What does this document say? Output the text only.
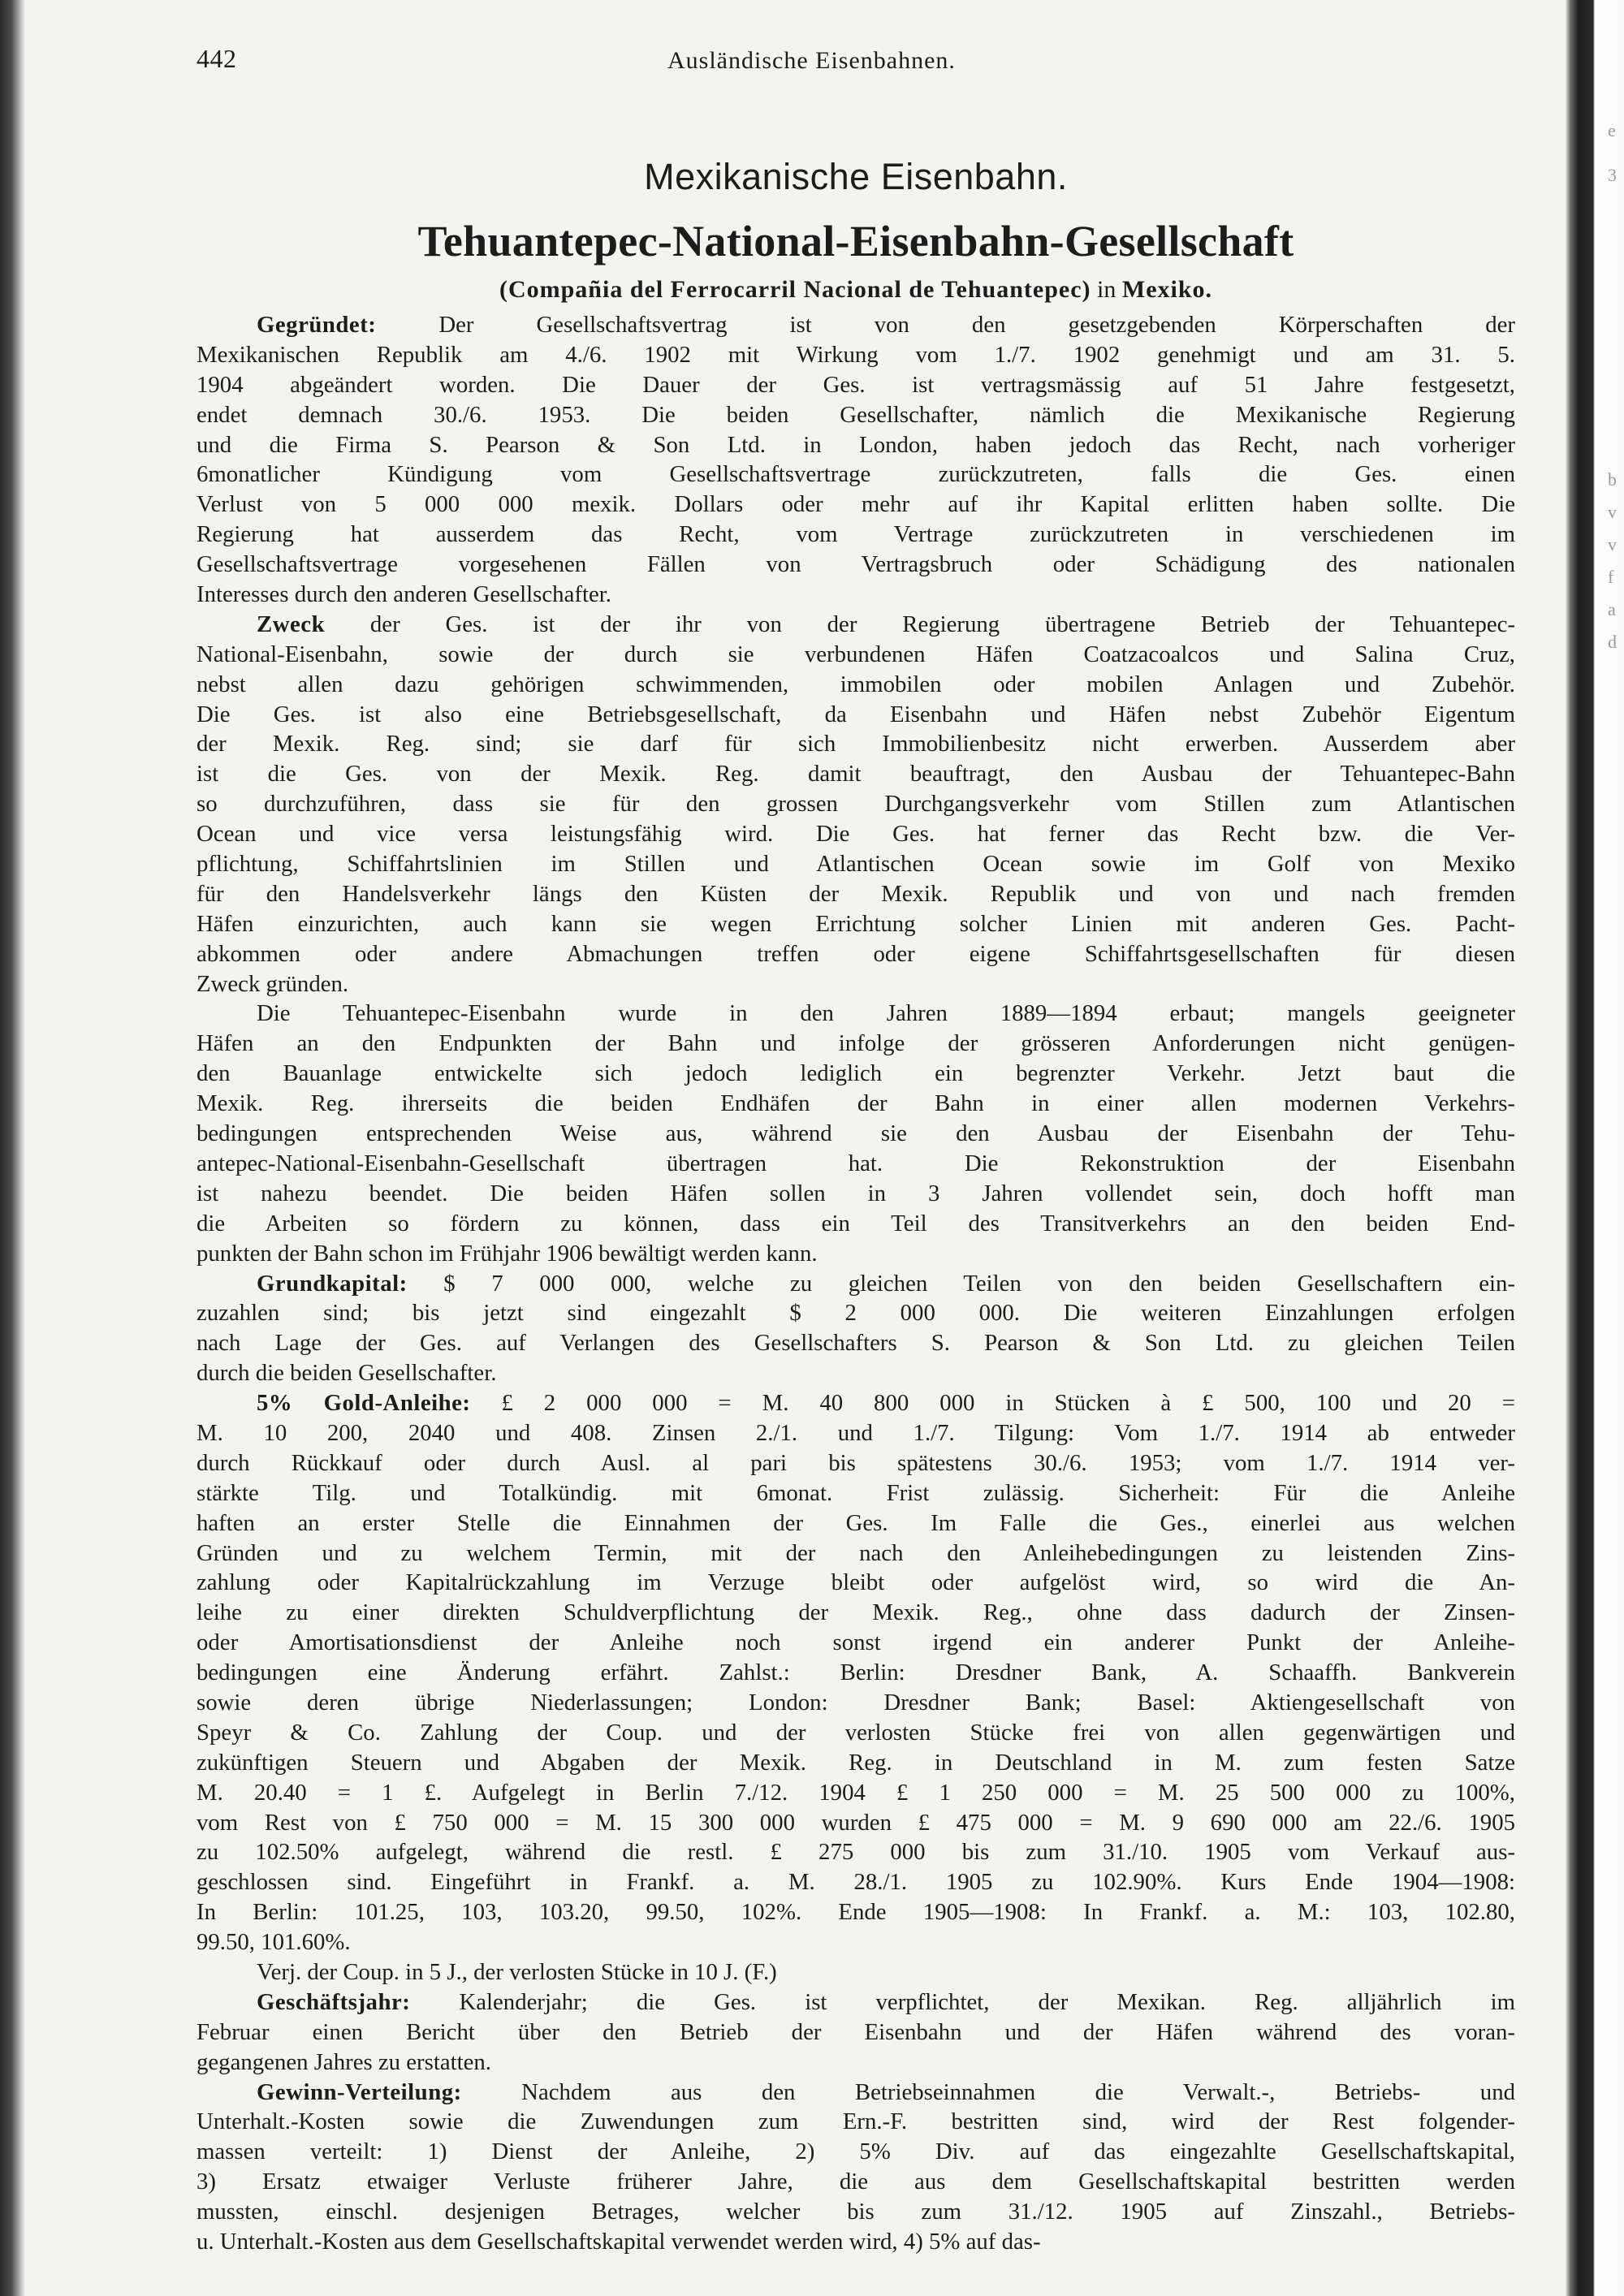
e
3
b
v
v
f
a
d
442	Ausländische Eisenbahnen.
Mexikanische Eisenbahn.
Tehuantepec-National-Eisenbahn-Gesellschaft
(Compañia del Ferrocarril Nacional de Tehuantepec) in Mexiko.
Gegründet: Der Gesellschaftsvertrag ist von den gesetzgebenden Körperschaften der
Mexikanischen Republik am 4./6. 1902 mit Wirkung vom 1./7. 1902 genehmigt und am 31. 5.
1904 abgeändert worden. Die Dauer der Ges. ist vertragsmässig auf 51 Jahre festgesetzt,
endet demnach 30./6. 1953. Die beiden Gesellschafter, nämlich die Mexikanische Regierung
und die Firma S. Pearson & Son Ltd. in London, haben jedoch das Recht, nach vorheriger
6monatlicher Kündigung vom Gesellschaftsvertrage zurückzutreten, falls die Ges. einen
Verlust von 5 000 000 mexik. Dollars oder mehr auf ihr Kapital erlitten haben sollte. Die
Regierung hat ausserdem das Recht, vom Vertrage zurückzutreten in verschiedenen im
Gesellschaftsvertrage vorgesehenen Fällen von Vertragsbruch oder Schädigung des nationalen
Interesses durch den anderen Gesellschafter.
Zweck der Ges. ist der ihr von der Regierung übertragene Betrieb der Tehuantepec-
National-Eisenbahn, sowie der durch sie verbundenen Häfen Coatzacoalcos und Salina Cruz,
nebst allen dazu gehörigen schwimmenden, immobilen oder mobilen Anlagen und Zubehör.
Die Ges. ist also eine Betriebsgesellschaft, da Eisenbahn und Häfen nebst Zubehör Eigentum
der Mexik. Reg. sind; sie darf für sich Immobilienbesitz nicht erwerben. Ausserdem aber
ist die Ges. von der Mexik. Reg. damit beauftragt, den Ausbau der Tehuantepec-Bahn
so durchzuführen, dass sie für den grossen Durchgangsverkehr vom Stillen zum Atlantischen
Ocean und vice versa leistungsfähig wird. Die Ges. hat ferner das Recht bzw. die Ver-
pflichtung, Schiffahrtslinien im Stillen und Atlantischen Ocean sowie im Golf von Mexiko
für den Handelsverkehr längs den Küsten der Mexik. Republik und von und nach fremden
Häfen einzurichten, auch kann sie wegen Errichtung solcher Linien mit anderen Ges. Pacht-
abkommen oder andere Abmachungen treffen oder eigene Schiffahrtsgesellschaften für diesen
Zweck gründen.
Die Tehuantepec-Eisenbahn wurde in den Jahren 1889—1894 erbaut; mangels geeigneter
Häfen an den Endpunkten der Bahn und infolge der grösseren Anforderungen nicht genügen-
den Bauanlage entwickelte sich jedoch lediglich ein begrenzter Verkehr. Jetzt baut die
Mexik. Reg. ihrerseits die beiden Endhäfen der Bahn in einer allen modernen Verkehrs-
bedingungen entsprechenden Weise aus, während sie den Ausbau der Eisenbahn der Tehu-
antepec-National-Eisenbahn-Gesellschaft übertragen hat. Die Rekonstruktion der Eisenbahn
ist nahezu beendet. Die beiden Häfen sollen in 3 Jahren vollendet sein, doch hofft man
die Arbeiten so fördern zu können, dass ein Teil des Transitverkehrs an den beiden End-
punkten der Bahn schon im Frühjahr 1906 bewältigt werden kann.
Grundkapital: $ 7 000 000, welche zu gleichen Teilen von den beiden Gesellschaftern ein-
zuzahlen sind; bis jetzt sind eingezahlt $ 2 000 000. Die weiteren Einzahlungen erfolgen
nach Lage der Ges. auf Verlangen des Gesellschafters S. Pearson & Son Ltd. zu gleichen Teilen
durch die beiden Gesellschafter.
5% Gold-Anleihe: £ 2 000 000 = M. 40 800 000 in Stücken à £ 500, 100 und 20 =
M. 10 200, 2040 und 408. Zinsen 2./1. und 1./7. Tilgung: Vom 1./7. 1914 ab entweder
durch Rückkauf oder durch Ausl. al pari bis spätestens 30./6. 1953; vom 1./7. 1914 ver-
stärkte Tilg. und Totalkündig. mit 6monat. Frist zulässig. Sicherheit: Für die Anleihe
haften an erster Stelle die Einnahmen der Ges. Im Falle die Ges., einerlei aus welchen
Gründen und zu welchem Termin, mit der nach den Anleihebedingungen zu leistenden Zins-
zahlung oder Kapitalrückzahlung im Verzuge bleibt oder aufgelöst wird, so wird die An-
leihe zu einer direkten Schuldverpflichtung der Mexik. Reg., ohne dass dadurch der Zinsen-
oder Amortisationsdienst der Anleihe noch sonst irgend ein anderer Punkt der Anleihe-
bedingungen eine Änderung erfährt. Zahlst.: Berlin: Dresdner Bank, A. Schaaffh. Bankverein
sowie deren übrige Niederlassungen; London: Dresdner Bank; Basel: Aktiengesellschaft von
Speyr & Co. Zahlung der Coup. und der verlosten Stücke frei von allen gegenwärtigen und
zukünftigen Steuern und Abgaben der Mexik. Reg. in Deutschland in M. zum festen Satze
M. 20.40 = 1 £. Aufgelegt in Berlin 7./12. 1904 £ 1 250 000 = M. 25 500 000 zu 100%,
vom Rest von £ 750 000 = M. 15 300 000 wurden £ 475 000 = M. 9 690 000 am 22./6. 1905
zu 102.50% aufgelegt, während die restl. £ 275 000 bis zum 31./10. 1905 vom Verkauf aus-
geschlossen sind. Eingeführt in Frankf. a. M. 28./1. 1905 zu 102.90%. Kurs Ende 1904—1908:
In Berlin: 101.25, 103, 103.20, 99.50, 102%. Ende 1905—1908: In Frankf. a. M.: 103, 102.80,
99.50, 101.60%.
Verj. der Coup. in 5 J., der verlosten Stücke in 10 J. (F.)
Geschäftsjahr: Kalenderjahr; die Ges. ist verpflichtet, der Mexikan. Reg. alljährlich im
Februar einen Bericht über den Betrieb der Eisenbahn und der Häfen während des voran-
gegangenen Jahres zu erstatten.
Gewinn-Verteilung: Nachdem aus den Betriebseinnahmen die Verwalt.-, Betriebs- und
Unterhalt.-Kosten sowie die Zuwendungen zum Ern.-F. bestritten sind, wird der Rest folgender-
massen verteilt: 1) Dienst der Anleihe, 2) 5% Div. auf das eingezahlte Gesellschaftskapital,
3) Ersatz etwaiger Verluste früherer Jahre, die aus dem Gesellschaftskapital bestritten werden
mussten, einschl. desjenigen Betrages, welcher bis zum 31./12. 1905 auf Zinszahl., Betriebs-
u. Unterhalt.-Kosten aus dem Gesellschaftskapital verwendet werden wird, 4) 5% auf das-
